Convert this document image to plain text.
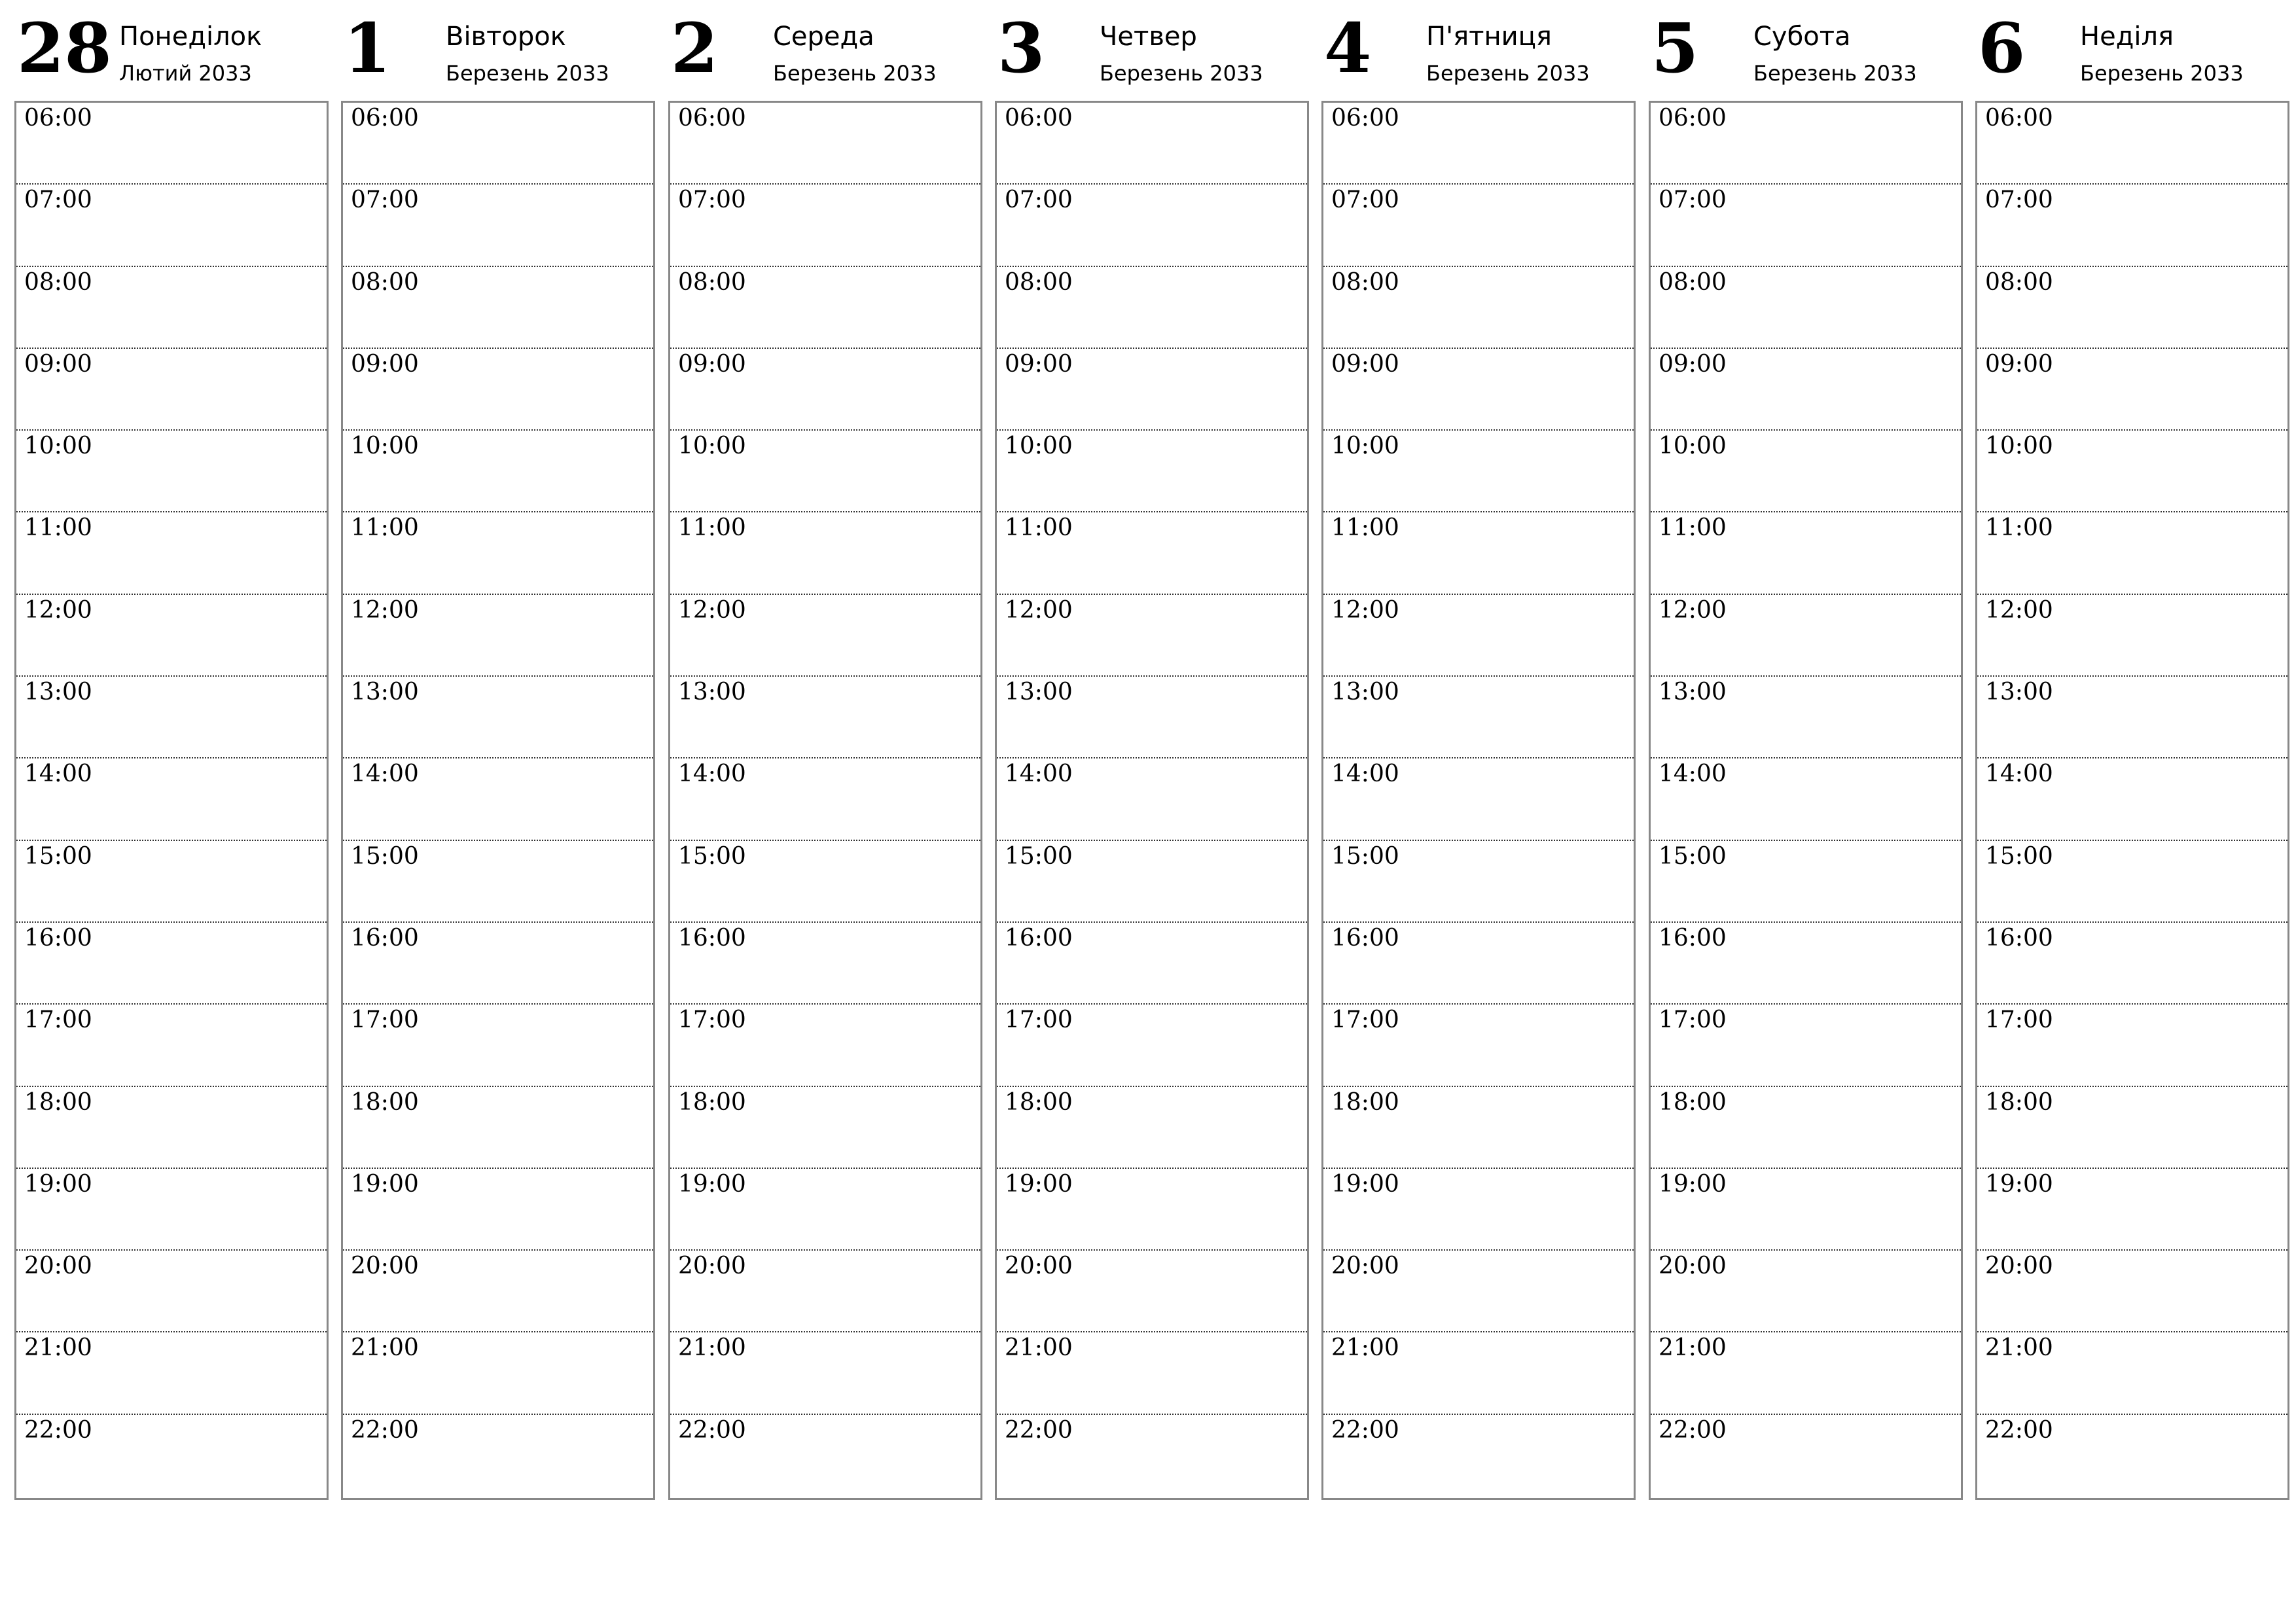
28 Понеділок
Лютий 2033
06:00
07:00
08:00
09:00
10:00
11:00
12:00
13:00
14:00
15:00
16:00
17:00
18:00
19:00
20:00
21:00
22:00
1 Вівторок
Березень 2033
06:00
07:00
08:00
09:00
10:00
11:00
12:00
13:00
14:00
15:00
16:00
17:00
18:00
19:00
20:00
21:00
22:00
2 Середа
Березень 2033
06:00
07:00
08:00
09:00
10:00
11:00
12:00
13:00
14:00
15:00
16:00
17:00
18:00
19:00
20:00
21:00
22:00
3 Четвер
Березень 2033
06:00
07:00
08:00
09:00
10:00
11:00
12:00
13:00
14:00
15:00
16:00
17:00
18:00
19:00
20:00
21:00
22:00
4 П'ятниця
Березень 2033
06:00
07:00
08:00
09:00
10:00
11:00
12:00
13:00
14:00
15:00
16:00
17:00
18:00
19:00
20:00
21:00
22:00
5 Субота
Березень 2033
06:00
07:00
08:00
09:00
10:00
11:00
12:00
13:00
14:00
15:00
16:00
17:00
18:00
19:00
20:00
21:00
22:00
6 Неділя
Березень 2033
06:00
07:00
08:00
09:00
10:00
11:00
12:00
13:00
14:00
15:00
16:00
17:00
18:00
19:00
20:00
21:00
22:00
